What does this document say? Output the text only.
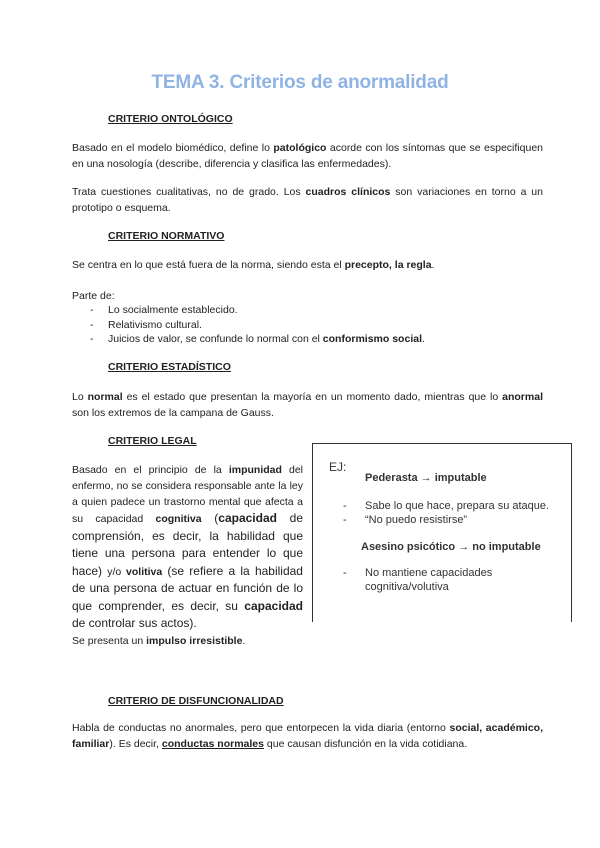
TEMA 3. Criterios de anormalidad
CRITERIO ONTOLÓGICO
Basado en el modelo biomédico, define lo patológico acorde con los síntomas que se especifiquen en una nosología (describe, diferencia y clasifica las enfermedades).
Trata cuestiones cualitativas, no de grado. Los cuadros clínicos son variaciones en torno a un prototipo o esquema.
CRITERIO NORMATIVO
Se centra en lo que está fuera de la norma, siendo esta el precepto, la regla.
Parte de:
- Lo socialmente establecido.
- Relativismo cultural.
- Juicios de valor, se confunde lo normal con el conformismo social.
CRITERIO ESTADÍSTICO
Lo normal es el estado que presentan la mayoría en un momento dado, mientras que lo anormal son los extremos de la campana de Gauss.
CRITERIO LEGAL
Basado en el principio de la impunidad del enfermo, no se considera responsable ante la ley a quien padece un trastorno mental que afecta a su capacidad cognitiva (capacidad de comprensión, es decir, la habilidad que tiene una persona para entender lo que hace) y/o volitiva (se refiere a la habilidad de una persona de actuar en función de lo que comprender, es decir, su capacidad de controlar sus actos).
EJ:
Pederasta → imputable
- Sabe lo que hace, prepara su ataque.
- “No puedo resistirse”
Asesino psicótico → no imputable
- No mantiene capacidades
cognitiva/volutiva
Se presenta un impulso irresistible.
CRITERIO DE DISFUNCIONALIDAD
Habla de conductas no anormales, pero que entorpecen la vida diaria (entorno social, académico, familiar). Es decir, conductas normales que causan disfunción en la vida cotidiana.
